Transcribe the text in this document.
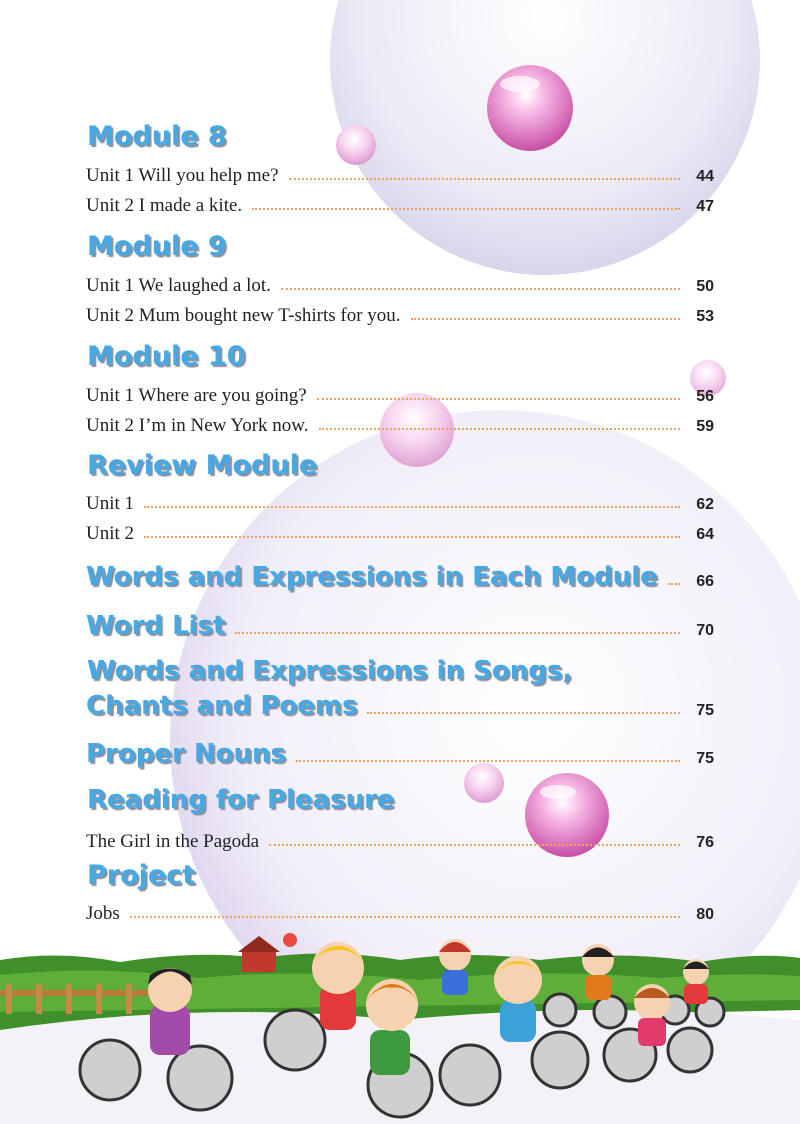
Module 8
Unit 1 Will you help me?	44
Unit 2 I made a kite.	47
Module 9
Unit 1 We laughed a lot.	50
Unit 2 Mum bought new T-shirts for you.	53
Module 10
Unit 1 Where are you going?	56
Unit 2 I’m in New York now.	59
Review Module
Unit 1	62
Unit 2	64
Words and Expressions in Each Module	66
Word List	70
Words and Expressions in Songs,
Chants and Poems	75
Proper Nouns	75
Reading for Pleasure
The Girl in the Pagoda	76
Project
Jobs	80
